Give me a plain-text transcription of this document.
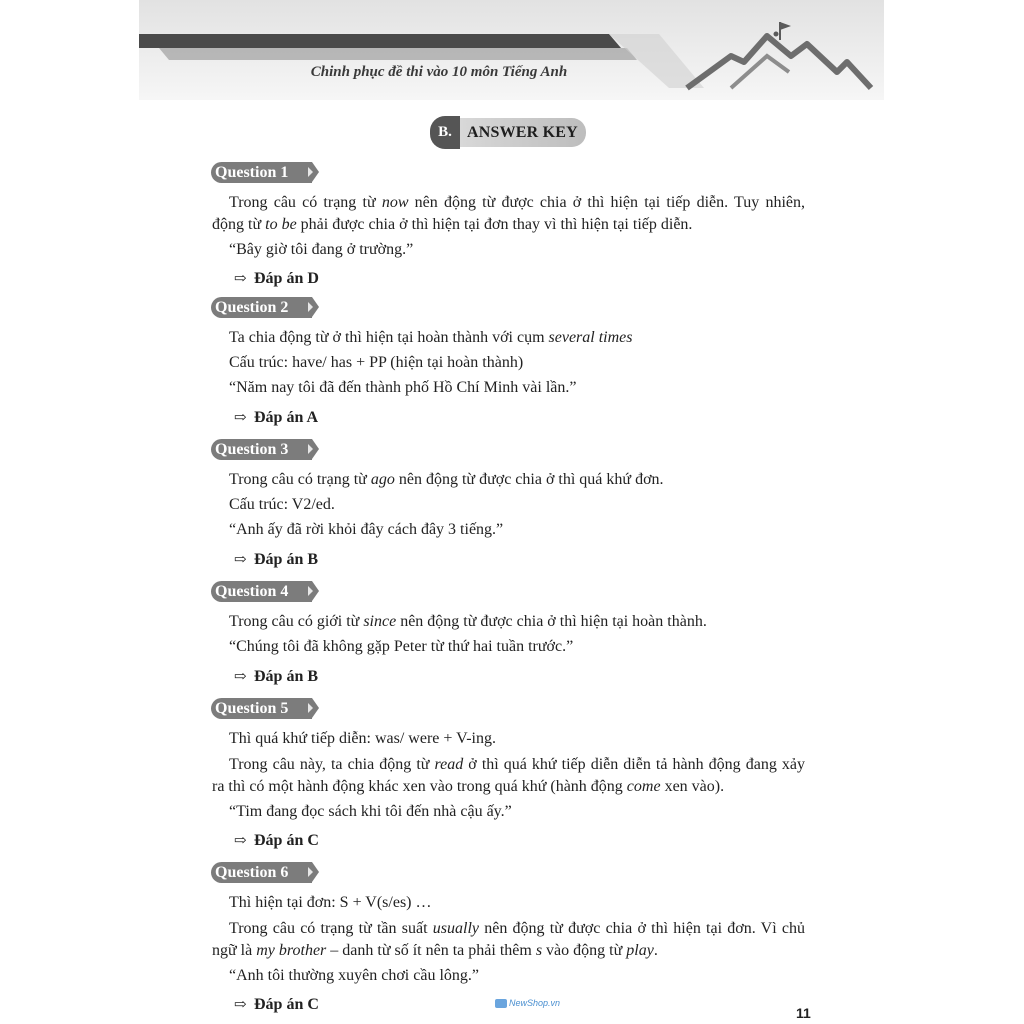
Chinh phục đề thi vào 10 môn Tiếng Anh
B. ANSWER KEY
Question 1
Trong câu có trạng từ now nên động từ được chia ở thì hiện tại tiếp diễn. Tuy nhiên,
động từ to be phải được chia ở thì hiện tại đơn thay vì thì hiện tại tiếp diễn.
“Bây giờ tôi đang ở trường.”
⇨ Đáp án D
Question 2
Ta chia động từ ở thì hiện tại hoàn thành với cụm several times
Cấu trúc: have/ has + PP (hiện tại hoàn thành)
“Năm nay tôi đã đến thành phố Hồ Chí Minh vài lần.”
⇨ Đáp án A
Question 3
Trong câu có trạng từ ago nên động từ được chia ở thì quá khứ đơn.
Cấu trúc: V2/ed.
“Anh ấy đã rời khỏi đây cách đây 3 tiếng.”
⇨ Đáp án B
Question 4
Trong câu có giới từ since nên động từ được chia ở thì hiện tại hoàn thành.
“Chúng tôi đã không gặp Peter từ thứ hai tuần trước.”
⇨ Đáp án B
Question 5
Thì quá khứ tiếp diễn: was/ were + V-ing.
Trong câu này, ta chia động từ read ở thì quá khứ tiếp diễn diễn tả hành động đang xảy
ra thì có một hành động khác xen vào trong quá khứ (hành động come xen vào).
“Tim đang đọc sách khi tôi đến nhà cậu ấy.”
⇨ Đáp án C
Question 6
Thì hiện tại đơn: S + V(s/es) …
Trong câu có trạng từ tần suất usually nên động từ được chia ở thì hiện tại đơn. Vì chủ
ngữ là my brother – danh từ số ít nên ta phải thêm s vào động từ play.
“Anh tôi thường xuyên chơi cầu lông.”
⇨ Đáp án C	NewShop.vn
11
